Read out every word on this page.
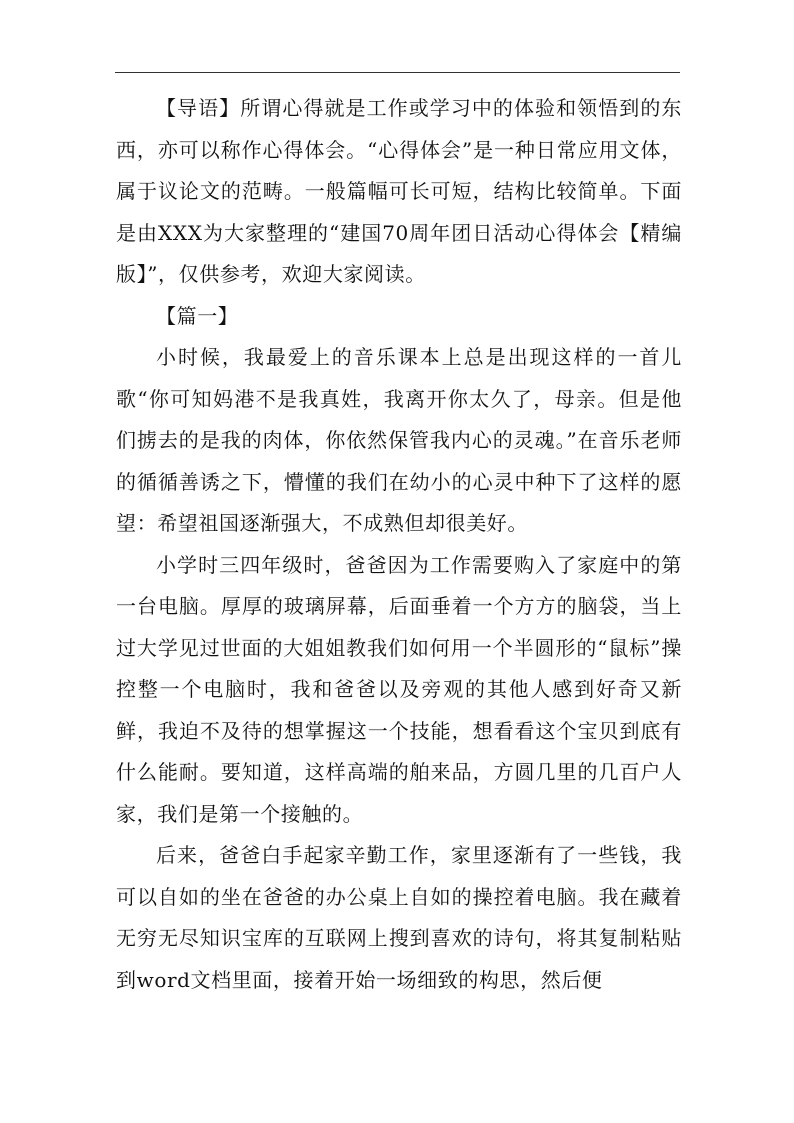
【导语】所谓心得就是工作或学习中的体验和领悟到的东西，亦可以称作心得体会。“心得体会”是一种日常应用文体，属于议论文的范畴。一般篇幅可长可短，结构比较简单。下面是由XXX为大家整理的“建国70周年团日活动心得体会【精编版】”，仅供参考，欢迎大家阅读。

【篇一】

小时候，我最爱上的音乐课本上总是出现这样的一首儿歌“你可知妈港不是我真姓，我离开你太久了，母亲。但是他们掳去的是我的肉体，你依然保管我内心的灵魂。”在音乐老师的循循善诱之下，懵懂的我们在幼小的心灵中种下了这样的愿望：希望祖国逐渐强大，不成熟但却很美好。

小学时三四年级时，爸爸因为工作需要购入了家庭中的第一台电脑。厚厚的玻璃屏幕，后面垂着一个方方的脑袋，当上过大学见过世面的大姐姐教我们如何用一个半圆形的“鼠标”操控整一个电脑时，我和爸爸以及旁观的其他人感到好奇又新鲜，我迫不及待的想掌握这一个技能，想看看这个宝贝到底有什么能耐。要知道，这样高端的舶来品，方圆几里的几百户人家，我们是第一个接触的。

后来，爸爸白手起家辛勤工作，家里逐渐有了一些钱，我可以自如的坐在爸爸的办公桌上自如的操控着电脑。我在藏着无穷无尽知识宝库的互联网上搜到喜欢的诗句，将其复制粘贴到word文档里面，接着开始一场细致的构思，然后便
